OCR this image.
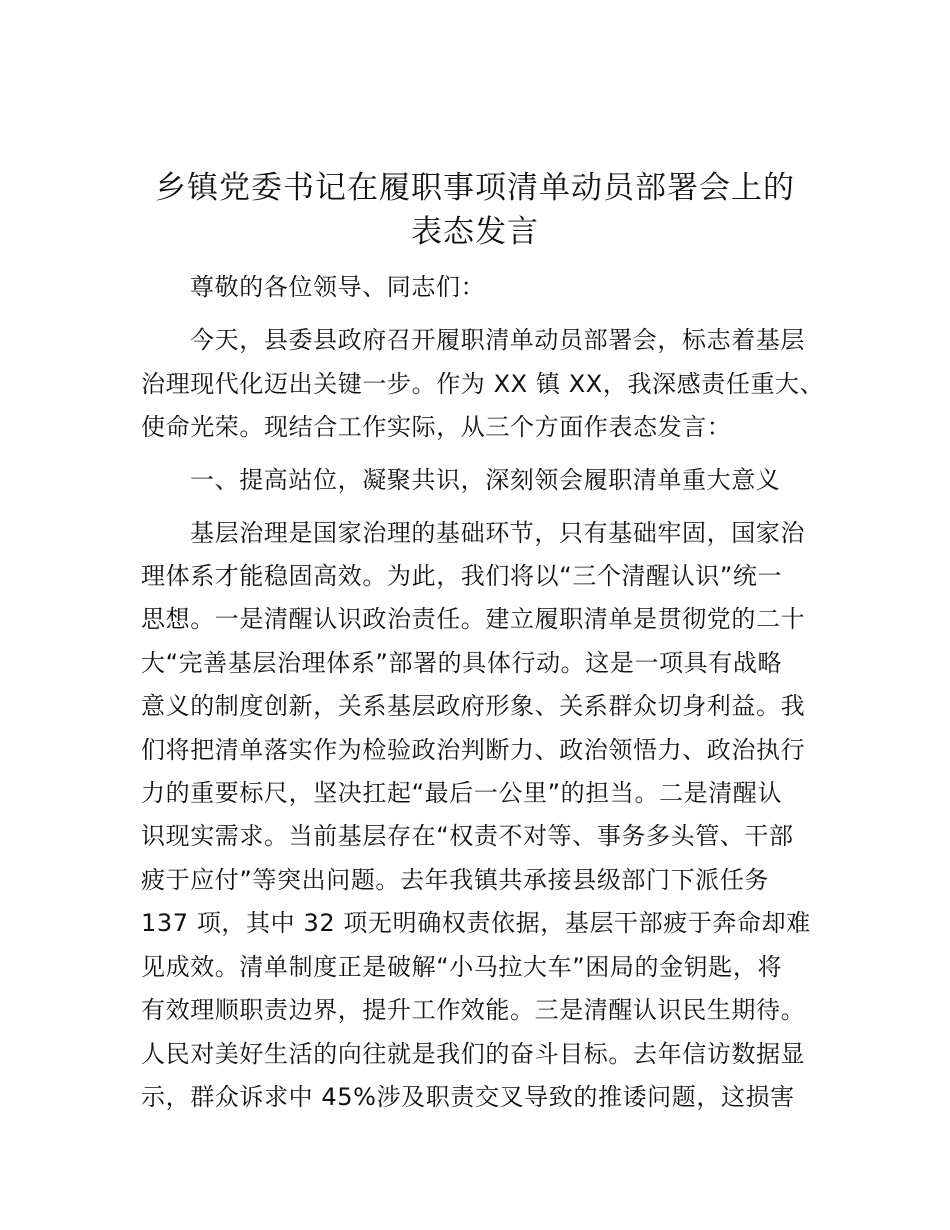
乡镇党委书记在履职事项清单动员部署会上的
表态发言
尊敬的各位领导、同志们：
今天，县委县政府召开履职清单动员部署会，标志着基层
治理现代化迈出关键一步。作为 XX 镇 XX，我深感责任重大、
使命光荣。现结合工作实际，从三个方面作表态发言：
一、提高站位，凝聚共识，深刻领会履职清单重大意义
基层治理是国家治理的基础环节，只有基础牢固，国家治
理体系才能稳固高效。为此，我们将以“三个清醒认识”统一
思想。一是清醒认识政治责任。建立履职清单是贯彻党的二十
大“完善基层治理体系”部署的具体行动。这是一项具有战略
意义的制度创新，关系基层政府形象、关系群众切身利益。我
们将把清单落实作为检验政治判断力、政治领悟力、政治执行
力的重要标尺，坚决扛起“最后一公里”的担当。二是清醒认
识现实需求。当前基层存在“权责不对等、事务多头管、干部
疲于应付”等突出问题。去年我镇共承接县级部门下派任务
137 项，其中 32 项无明确权责依据，基层干部疲于奔命却难
见成效。清单制度正是破解“小马拉大车”困局的金钥匙，将
有效理顺职责边界，提升工作效能。三是清醒认识民生期待。
人民对美好生活的向往就是我们的奋斗目标。去年信访数据显
示，群众诉求中 45%涉及职责交叉导致的推诿问题，这损害
